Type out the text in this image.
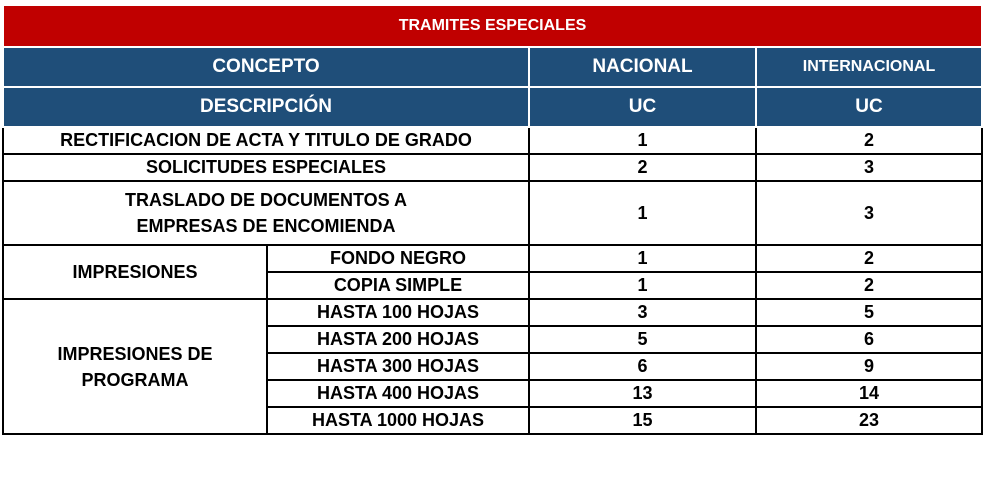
TRAMITES ESPECIALES			
CONCEPTO		NACIONAL	INTERNACIONAL
DESCRIPCIÓN		UC	UC
RECTIFICACION DE ACTA Y TITULO DE GRADO		1	2
SOLICITUDES ESPECIALES		2	3
TRASLADO DE DOCUMENTOS A EMPRESAS DE ENCOMIENDA		1	3
IMPRESIONES	FONDO NEGRO	1	2
	COPIA SIMPLE	1	2
IMPRESIONES DE PROGRAMA	HASTA 100 HOJAS	3	5
	HASTA 200 HOJAS	5	6
	HASTA 300 HOJAS	6	9
	HASTA 400 HOJAS	13	14
	HASTA 1000 HOJAS	15	23
